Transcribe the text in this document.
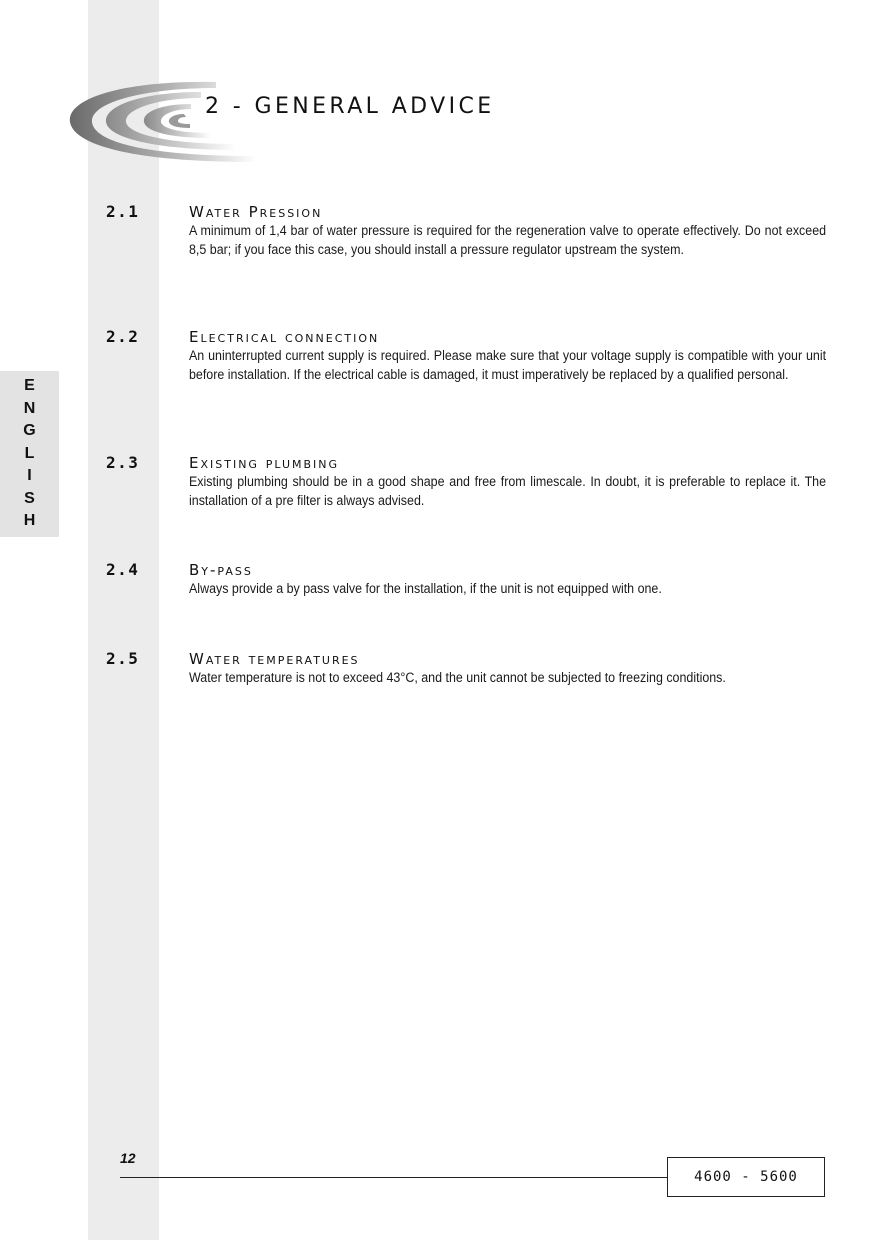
E
N
G
L
I
S
H
2 - GENERAL ADVICE
2.1	Water Pression
A minimum of 1,4 bar of water pressure is required for the regeneration valve to operate effectively. Do not exceed 8,5 bar; if you face this case, you should install a pressure regulator upstream the system.
2.2	Electrical connection
An uninterrupted current supply is required. Please make sure that your voltage supply is compatible with your unit before installation. If the electrical cable is damaged, it must imperatively be replaced by a qualified personal.
2.3	Existing plumbing
Existing plumbing should be in a good shape and free from limescale. In doubt, it is preferable to replace it. The installation of a pre filter is always advised.
2.4	By-pass
Always provide a by pass valve for the installation, if the unit is not equipped with one.
2.5	Water temperatures
Water temperature is not to exceed 43°C, and the unit cannot be subjected to freezing conditions.
12
4600 - 5600
